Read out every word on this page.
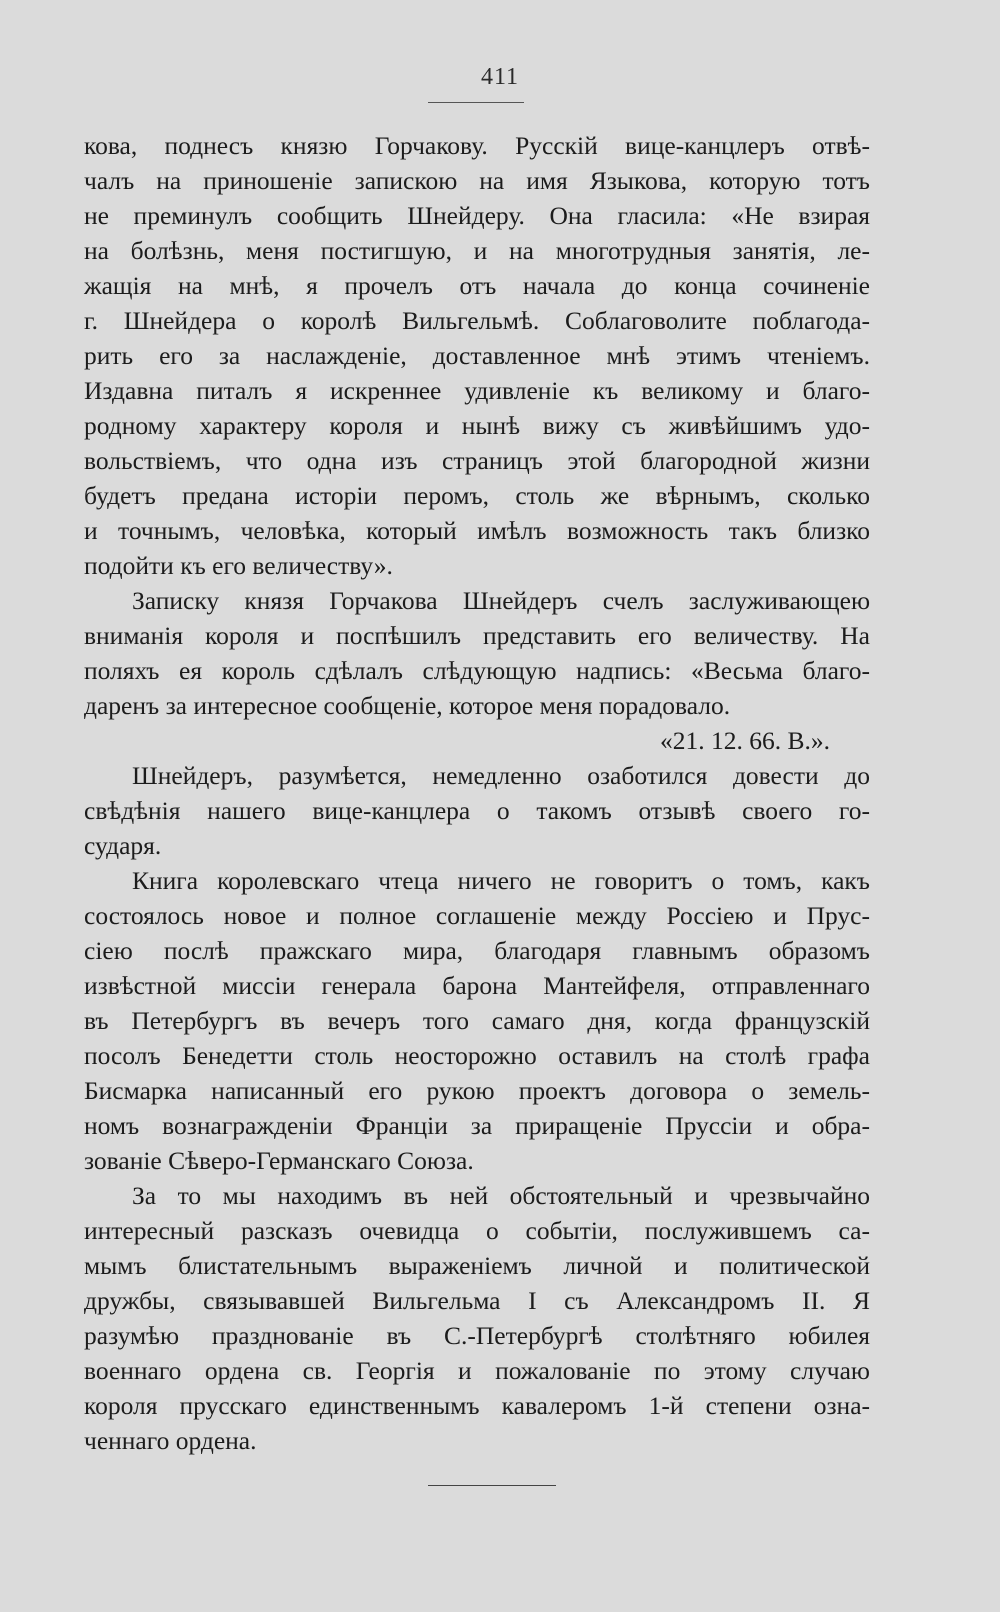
411
кова, поднесъ князю Горчакову. Русскій вице-канцлеръ отвѣ-
чалъ на приношеніе запискою на имя Языкова, которую тотъ
не преминулъ сообщить Шнейдеру. Она гласила: «Не взирая
на болѣзнь, меня постигшую, и на многотрудныя занятія, ле-
жащія на мнѣ, я прочелъ отъ начала до конца сочиненіе
г. Шнейдера о королѣ Вильгельмѣ. Соблаговолите поблагода-
рить его за наслажденіе, доставленное мнѣ этимъ чтеніемъ.
Издавна питалъ я искреннее удивленіе къ великому и благо-
родному характеру короля и нынѣ вижу съ живѣйшимъ удо-
вольствіемъ, что одна изъ страницъ этой благородной жизни
будетъ предана исторіи перомъ, столь же вѣрнымъ, сколько
и точнымъ, человѣка, который имѣлъ возможность такъ близко
подойти къ его величеству».
Записку князя Горчакова Шнейдеръ счелъ заслуживающею
вниманія короля и поспѣшилъ представить его величеству. На
поляхъ ея король сдѣлалъ слѣдующую надпись: «Весьма благо-
даренъ за интересное сообщеніе, которое меня порадовало.
«21. 12. 66. В.».
Шнейдеръ, разумѣется, немедленно озаботился довести до
свѣдѣнія нашего вице-канцлера о такомъ отзывѣ своего го-
сударя.
Книга королевскаго чтеца ничего не говоритъ о томъ, какъ
состоялось новое и полное соглашеніе между Россіею и Прус-
сіею послѣ пражскаго мира, благодаря главнымъ образомъ
извѣстной миссіи генерала барона Мантейфеля, отправленнаго
въ Петербургъ въ вечеръ того самаго дня, когда французскій
посолъ Бенедетти столь неосторожно оставилъ на столѣ графа
Бисмарка написанный его рукою проектъ договора о земель-
номъ вознагражденіи Франціи за приращеніе Пруссіи и обра-
зованіе Сѣверо-Германскаго Союза.
За то мы находимъ въ ней обстоятельный и чрезвычайно
интересный разсказъ очевидца о событіи, послужившемъ са-
мымъ блистательнымъ выраженіемъ личной и политической
дружбы, связывавшей Вильгельма I съ Александромъ II. Я
разумѣю празднованіе въ С.-Петербургѣ столѣтняго юбилея
военнаго ордена св. Георгія и пожалованіе по этому случаю
короля прусскаго единственнымъ кавалеромъ 1-й степени озна-
ченнаго ордена.
